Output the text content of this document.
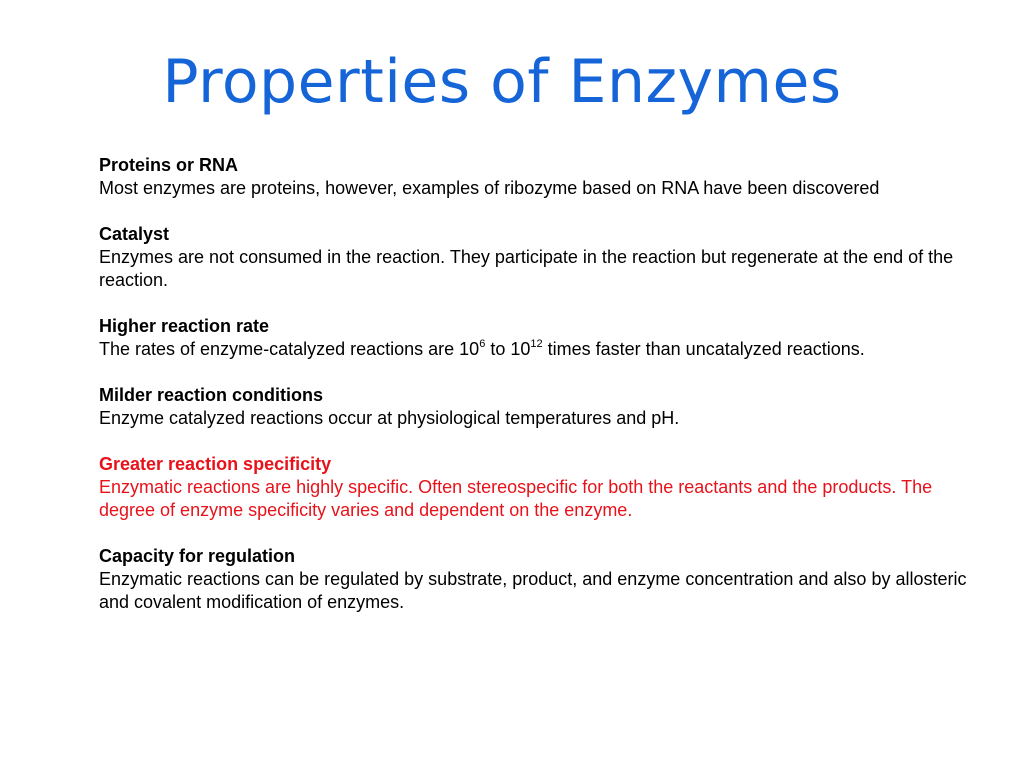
Properties of Enzymes
Proteins or RNA
Most enzymes are proteins, however, examples of ribozyme based on RNA have been discovered
Catalyst
Enzymes are not consumed in the reaction. They participate in the reaction but regenerate at the end of the reaction.
Higher reaction rate
The rates of enzyme-catalyzed reactions are $10^6$ to $10^{12}$ times faster than uncatalyzed reactions.
Milder reaction conditions
Enzyme catalyzed reactions occur at physiological temperatures and pH.
Greater reaction specificity
Enzymatic reactions are highly specific. Often stereospecific for both the reactants and the products. The degree of enzyme specificity varies and dependent on the enzyme.
Capacity for regulation
Enzymatic reactions can be regulated by substrate, product, and enzyme concentration and also by allosteric and covalent modification of enzymes.
